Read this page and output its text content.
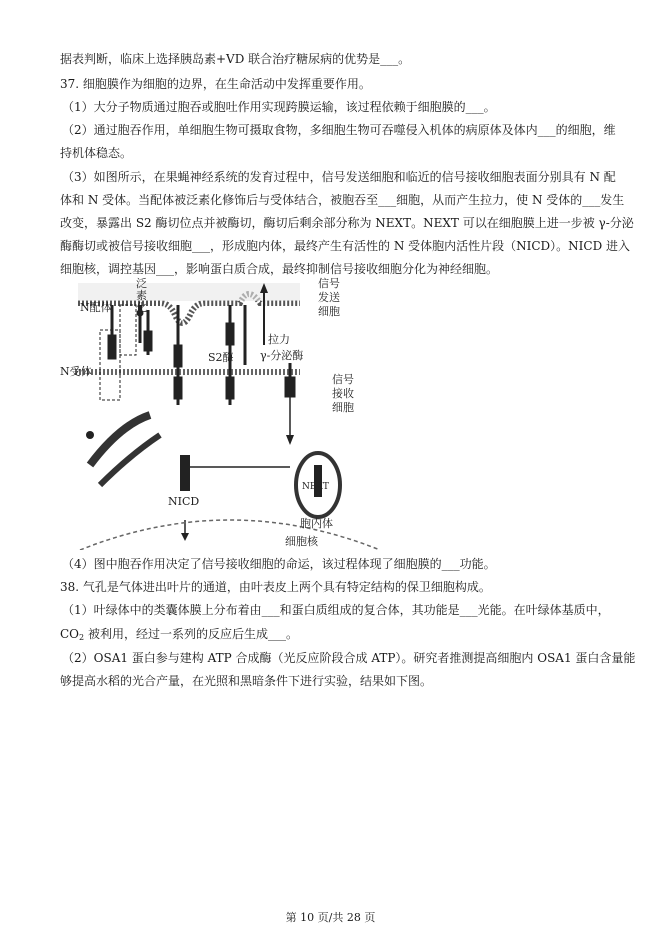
据表判断，临床上选择胰岛素+VD 联合治疗糖尿病的优势是___。
37. 细胞膜作为细胞的边界，在生命活动中发挥重要作用。
（1）大分子物质通过胞吞或胞吐作用实现跨膜运输，该过程依赖于细胞膜的___。
（2）通过胞吞作用，单细胞生物可摄取食物，多细胞生物可吞噬侵入机体的病原体及体内___的细胞，维
持机体稳态。
（3）如图所示，在果蝇神经系统的发育过程中，信号发送细胞和临近的信号接收细胞表面分别具有 N 配
体和 N 受体。当配体被泛素化修饰后与受体结合，被胞吞至___细胞，从而产生拉力，使 N 受体的___发生
改变，暴露出 S2 酶切位点并被酶切，酶切后剩余部分称为 NEXT。NEXT 可以在细胞膜上进一步被 γ-分泌
酶酶切或被信号接收细胞___，形成胞内体，最终产生有活性的 N 受体胞内活性片段（NICD）。NICD 进入
细胞核，调控基因___，影响蛋白质合成，最终抑制信号接收细胞分化为神经细胞。
N配体
泛
素
化
信号
发送
细胞
拉力
S2酶 γ-分泌酶
N受体
信号
接收
细胞
NEXT
NICD
胞内体
细胞核
（4）图中胞吞作用决定了信号接收细胞的命运，该过程体现了细胞膜的___功能。
38. 气孔是气体进出叶片的通道，由叶表皮上两个具有特定结构的保卫细胞构成。
（1）叶绿体中的类囊体膜上分布着由___和蛋白质组成的复合体，其功能是___光能。在叶绿体基质中，
$CO_2$ 被利用，经过一系列的反应后生成___。
（2）OSA1 蛋白参与建构 ATP 合成酶（光反应阶段合成 ATP）。研究者推测提高细胞内 OSA1 蛋白含量能
够提高水稻的光合产量，在光照和黑暗条件下进行实验，结果如下图。
第 10 页/共 28 页
